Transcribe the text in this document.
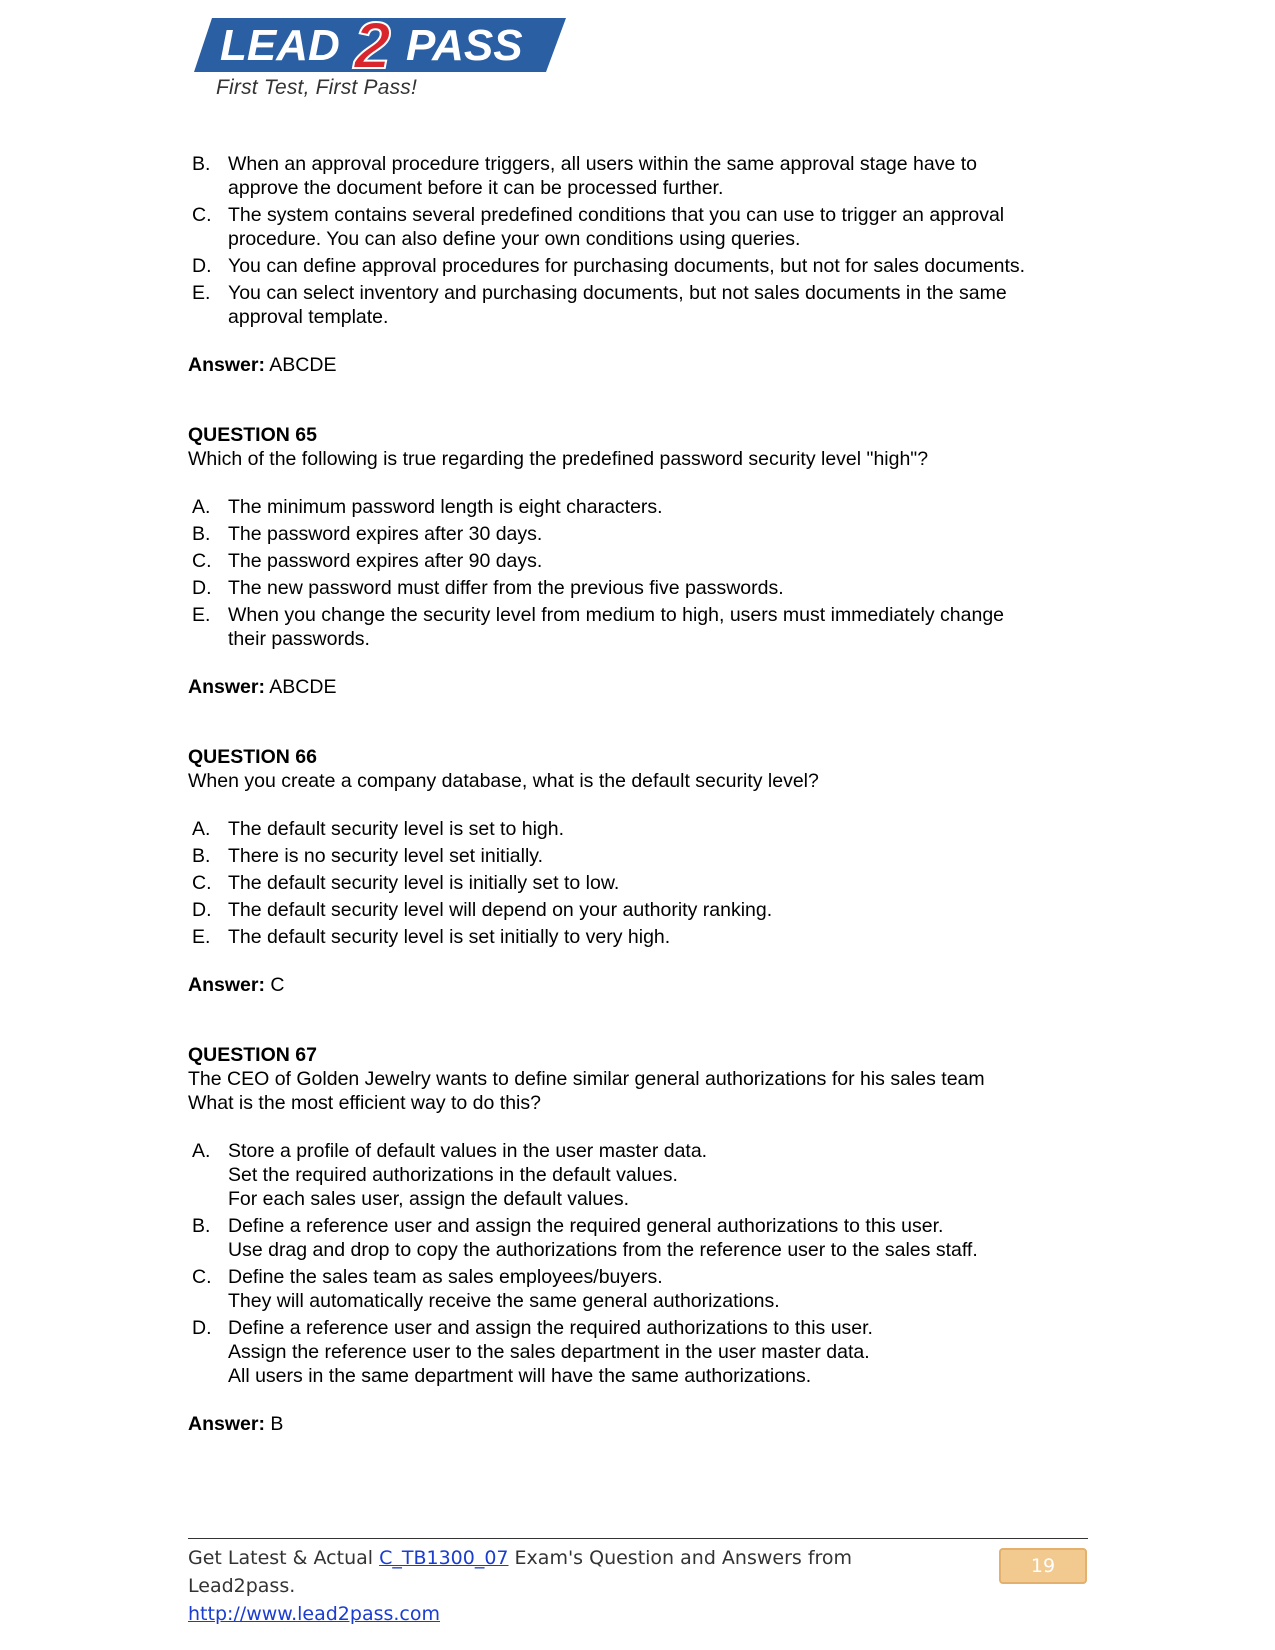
LEAD 2 PASS
First Test, First Pass!
B. When an approval procedure triggers, all users within the same approval stage have to
approve the document before it can be processed further.
C. The system contains several predefined conditions that you can use to trigger an approval
procedure. You can also define your own conditions using queries.
D. You can define approval procedures for purchasing documents, but not for sales documents.
E. You can select inventory and purchasing documents, but not sales documents in the same
approval template.
Answer: ABCDE
QUESTION 65
Which of the following is true regarding the predefined password security level "high"?
A. The minimum password length is eight characters.
B. The password expires after 30 days.
C. The password expires after 90 days.
D. The new password must differ from the previous five passwords.
E. When you change the security level from medium to high, users must immediately change
their passwords.
Answer: ABCDE
QUESTION 66
When you create a company database, what is the default security level?
A. The default security level is set to high.
B. There is no security level set initially.
C. The default security level is initially set to low.
D. The default security level will depend on your authority ranking.
E. The default security level is set initially to very high.
Answer: C
QUESTION 67
The CEO of Golden Jewelry wants to define similar general authorizations for his sales team
What is the most efficient way to do this?
A. Store a profile of default values in the user master data.
Set the required authorizations in the default values.
For each sales user, assign the default values.
B. Define a reference user and assign the required general authorizations to this user.
Use drag and drop to copy the authorizations from the reference user to the sales staff.
C. Define the sales team as sales employees/buyers.
They will automatically receive the same general authorizations.
D. Define a reference user and assign the required authorizations to this user.
Assign the reference user to the sales department in the user master data.
All users in the same department will have the same authorizations.
Answer: B
Get Latest & Actual C_TB1300_07 Exam's Question and Answers from Lead2pass.
http://www.lead2pass.com
19
